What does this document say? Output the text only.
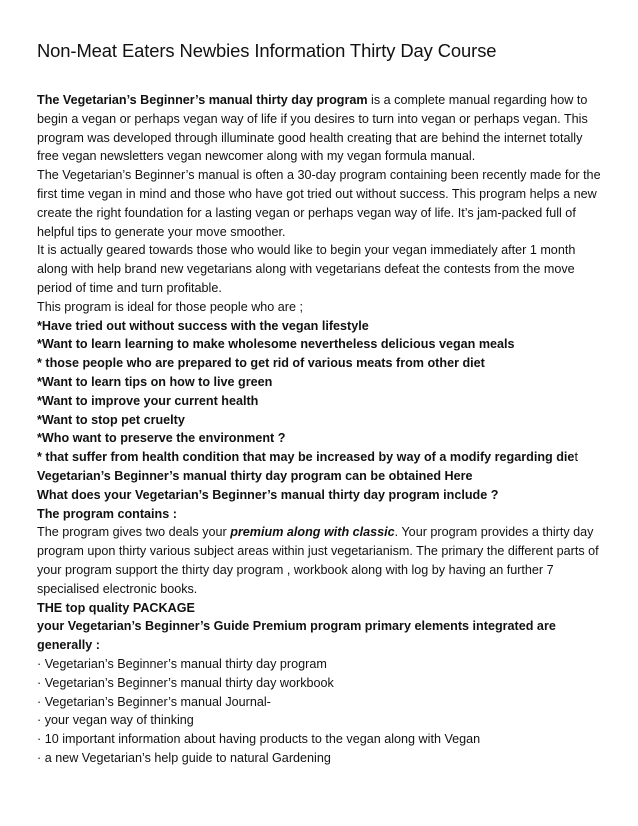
Non-Meat Eaters Newbies Information Thirty Day Course

The Vegetarian’s Beginner’s manual thirty day program is a complete manual regarding how to

begin a vegan or perhaps vegan way of life if you desires to turn into vegan or perhaps vegan. This

program was developed through illuminate good health creating that are behind the internet totally

free vegan newsletters vegan newcomer along with my vegan formula manual.

The Vegetarian’s Beginner’s manual is often a 30-day program containing been recently made for the

first time vegan in mind and those who have got tried out without success. This program helps a new

create the right foundation for a lasting vegan or perhaps vegan way of life. It’s jam-packed full of

helpful tips to generate your move smoother.

It is actually geared towards those who would like to begin your vegan immediately after 1 month

along with help brand new vegetarians along with vegetarians defeat the contests from the move

period of time and turn profitable.

This program is ideal for those people who are ;

*Have tried out without success with the vegan lifestyle

*Want to learn learning to make wholesome nevertheless delicious vegan meals

* those people who are prepared to get rid of various meats from other diet

*Want to learn tips on how to live green

*Want to improve your current health

*Want to stop pet cruelty

*Who want to preserve the environment ?

* that suffer from health condition that may be increased by way of a modify regarding diet

Vegetarian’s Beginner’s manual thirty day program can be obtained Here

What does your Vegetarian’s Beginner’s manual thirty day program include ?

The program contains :

The program gives two deals your premium along with classic. Your program provides a thirty day

program upon thirty various subject areas within just vegetarianism. The primary the different parts of

your program support the thirty day program , workbook along with log by having an further 7

specialised electronic books.

THE top quality PACKAGE

your Vegetarian’s Beginner’s Guide Premium program primary elements integrated are

generally :

· Vegetarian’s Beginner’s manual thirty day program

· Vegetarian’s Beginner’s manual thirty day workbook

· Vegetarian’s Beginner’s manual Journal-

· your vegan way of thinking

· 10 important information about having products to the vegan along with Vegan

· a new Vegetarian’s help guide to natural Gardening
